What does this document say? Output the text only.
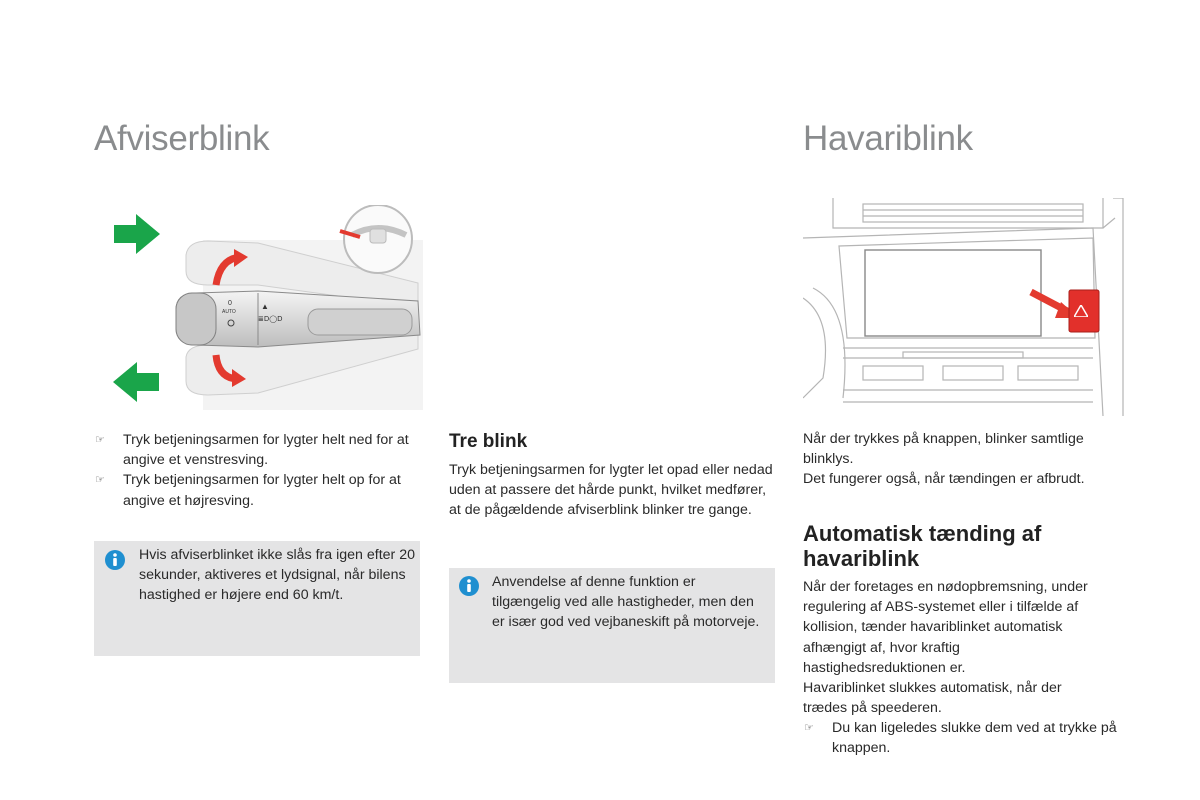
Afviserblink
AUTO
0	▲
≣D◯D
☞ Tryk betjeningsarmen for lygter helt ned for at angive et venstresving.
☞ Tryk betjeningsarmen for lygter helt op for at angive et højresving.
Hvis afviserblinket ikke slås fra igen efter 20 sekunder, aktiveres et lydsignal, når bilens hastighed er højere end 60 km/t.
Tre blink

Tryk betjeningsarmen for lygter let opad eller nedad uden at passere det hårde punkt, hvilket medfører, at de pågældende afviserblink blinker tre gange.

Anvendelse af denne funktion er tilgængelig ved alle hastigheder, men den er især god ved vejbaneskift på motorveje.
Havariblink

Når der trykkes på knappen, blinker samtlige blinklys.

Det fungerer også, når tændingen er afbrudt.

Automatisk tænding af havariblink

Når der foretages en nødopbremsning, under regulering af ABS-systemet eller i tilfælde af kollision, tænder havariblinket automatisk afhængigt af, hvor kraftig hastighedsreduktionen er.

Havariblinket slukkes automatisk, når der trædes på speederen.

☞ Du kan ligeledes slukke dem ved at trykke på knappen.
